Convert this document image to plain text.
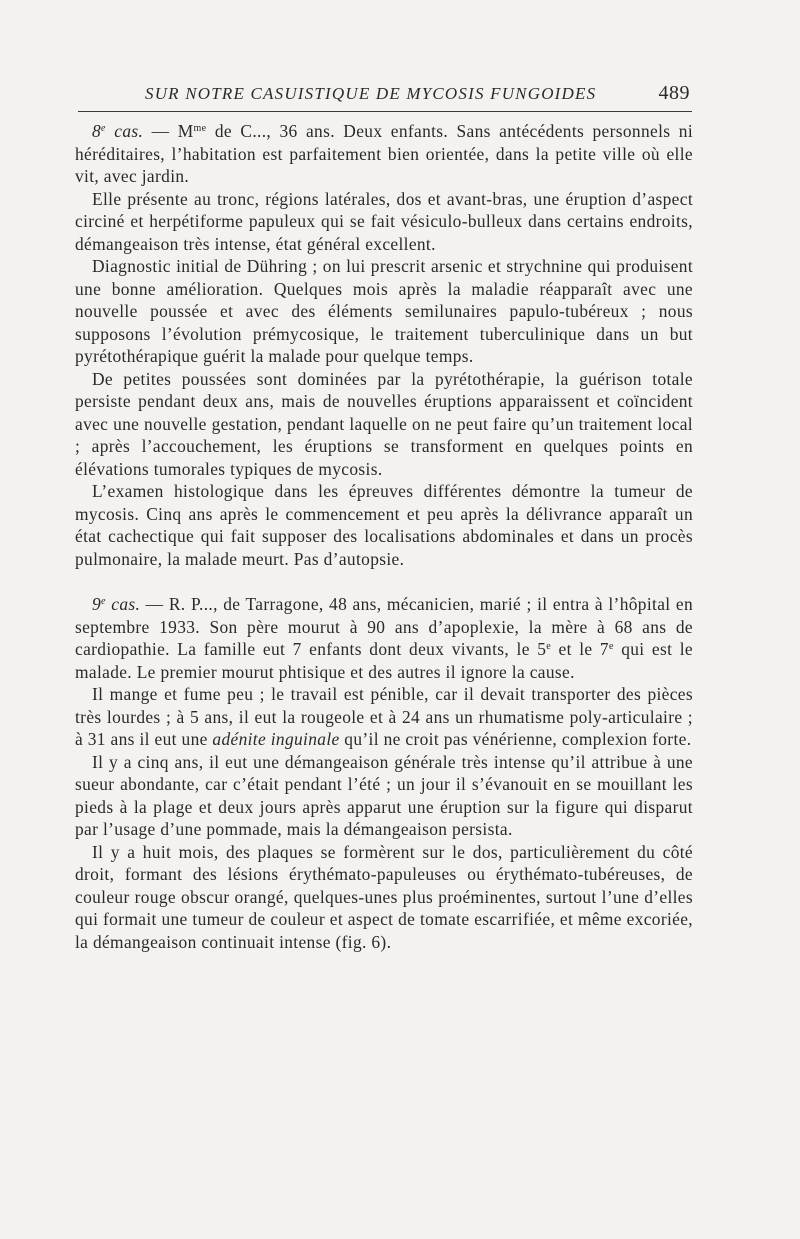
SUR NOTRE CASUISTIQUE DE MYCOSIS FUNGOIDES	489

8e cas. — $M^{me}$ de C..., 36 ans. Deux enfants. Sans antécédents personnels ni héréditaires, l’habitation est parfaitement bien orientée, dans la petite ville où elle vit, avec jardin.

Elle présente au tronc, régions latérales, dos et avant-bras, une éruption d’aspect circiné et herpétiforme papuleux qui se fait vésiculo-bulleux dans certains endroits, démangeaison très intense, état général excellent.

Diagnostic initial de Dühring ; on lui prescrit arsenic et strychnine qui produisent une bonne amélioration. Quelques mois après la maladie réapparaît avec une nouvelle poussée et avec des éléments semilunaires papulo-tubéreux ; nous supposons l’évolution prémycosique, le traitement tuberculinique dans un but pyrétothérapique guérit la malade pour quelque temps.

De petites poussées sont dominées par la pyrétothérapie, la guérison totale persiste pendant deux ans, mais de nouvelles éruptions apparaissent et coïncident avec une nouvelle gestation, pendant laquelle on ne peut faire qu’un traitement local ; après l’accouchement, les éruptions se transforment en quelques points en élévations tumorales typiques de mycosis.

L’examen histologique dans les épreuves différentes démontre la tumeur de mycosis. Cinq ans après le commencement et peu après la délivrance apparaît un état cachectique qui fait supposer des localisations abdominales et dans un procès pulmonaire, la malade meurt. Pas d’autopsie.

9e cas. — R. P..., de Tarragone, 48 ans, mécanicien, marié ; il entra à l’hôpital en septembre 1933. Son père mourut à 90 ans d’apoplexie, la mère à 68 ans de cardiopathie. La famille eut 7 enfants dont deux vivants, le 5e et le 7e qui est le malade. Le premier mourut phtisique et des autres il ignore la cause.

Il mange et fume peu ; le travail est pénible, car il devait transporter des pièces très lourdes ; à 5 ans, il eut la rougeole et à 24 ans un rhumatisme poly-articulaire ; à 31 ans il eut une adénite inguinale qu’il ne croit pas vénérienne, complexion forte.

Il y a cinq ans, il eut une démangeaison générale très intense qu’il attribue à une sueur abondante, car c’était pendant l’été ; un jour il s’évanouit en se mouillant les pieds à la plage et deux jours après apparut une éruption sur la figure qui disparut par l’usage d’une pommade, mais la démangeaison persista.

Il y a huit mois, des plaques se formèrent sur le dos, particulièrement du côté droit, formant des lésions érythémato-papuleuses ou érythémato-tubéreuses, de couleur rouge obscur orangé, quelques-unes plus proéminentes, surtout l’une d’elles qui formait une tumeur de couleur et aspect de tomate escarrifiée, et même excoriée, la démangeaison continuait intense (fig. 6).
